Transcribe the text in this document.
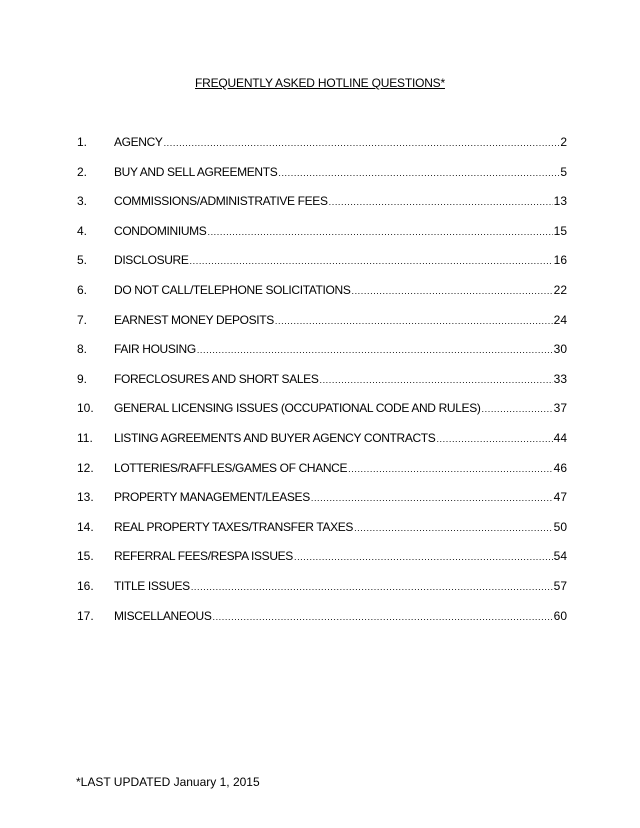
FREQUENTLY ASKED HOTLINE QUESTIONS*
1. AGENCY .....	2
2. BUY AND SELL AGREEMENTS .....	5
3. COMMISSIONS/ADMINISTRATIVE FEES .....	13
4. CONDOMINIUMS .....	15
5. DISCLOSURE .....	16
6. DO NOT CALL/TELEPHONE SOLICITATIONS .....	22
7. EARNEST MONEY DEPOSITS .....	24
8. FAIR HOUSING .....	30
9. FORECLOSURES AND SHORT SALES .....	33
10. GENERAL LICENSING ISSUES (OCCUPATIONAL CODE AND RULES) .....	37
11. LISTING AGREEMENTS AND BUYER AGENCY CONTRACTS .....	44
12. LOTTERIES/RAFFLES/GAMES OF CHANCE .....	46
13. PROPERTY MANAGEMENT/LEASES .....	47
14. REAL PROPERTY TAXES/TRANSFER TAXES .....	50
15. REFERRAL FEES/RESPA ISSUES .....	54
16. TITLE ISSUES .....	57
17. MISCELLANEOUS .....	60
*LAST UPDATED January 1, 2015
